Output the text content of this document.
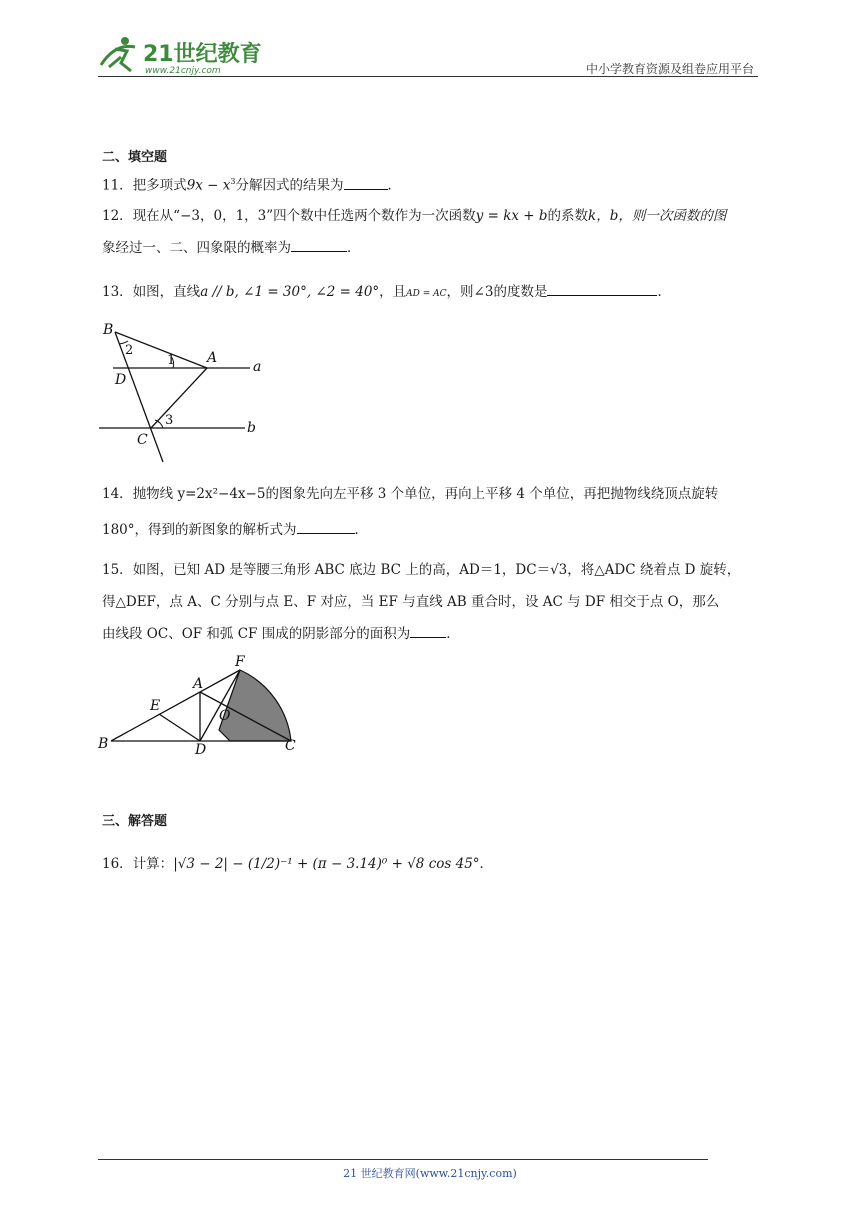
21世纪教育
www.21cnjy.com	中小学教育资源及组卷应用平台
二、填空题
11．把多项式$9x - x^3$分解因式的结果为	．
12．现在从“−3，0，1，3”四个数中任选两个数作为一次函数y = kx + b的系数k，b，则一次函数的图
象经过一、二、四象限的概率为	．
13．如图，直线a // b, ∠1 = 30°, ∠2 = 40°，且AD = AC，则∠3的度数是	．
B
2
1 A
a
D
3
C
b
14．抛物线 y=2x²−4x−5的图象先向左平移 3 个单位，再向上平移 4 个单位，再把抛物线绕顶点旋转
180°，得到的新图象的解析式为	．
15．如图，已知 AD 是等腰三角形 ABC 底边 BC 上的高，AD＝1，DC＝√3，将△ADC 绕着点 D 旋转，
得△DEF，点 A、C 分别与点 E、F 对应，当 EF 与直线 AB 重合时，设 AC 与 DF 相交于点 O，那么
由线段 OC、OF 和弧 CF 围成的阴影部分的面积为	．
F
A
E
O
B	D	C
三、解答题
16．计算：|√3 − 2| − (1/2)⁻¹ + (π − 3.14)⁰ + √8 cos 45°．
21 世纪教育网(www.21cnjy.com)
